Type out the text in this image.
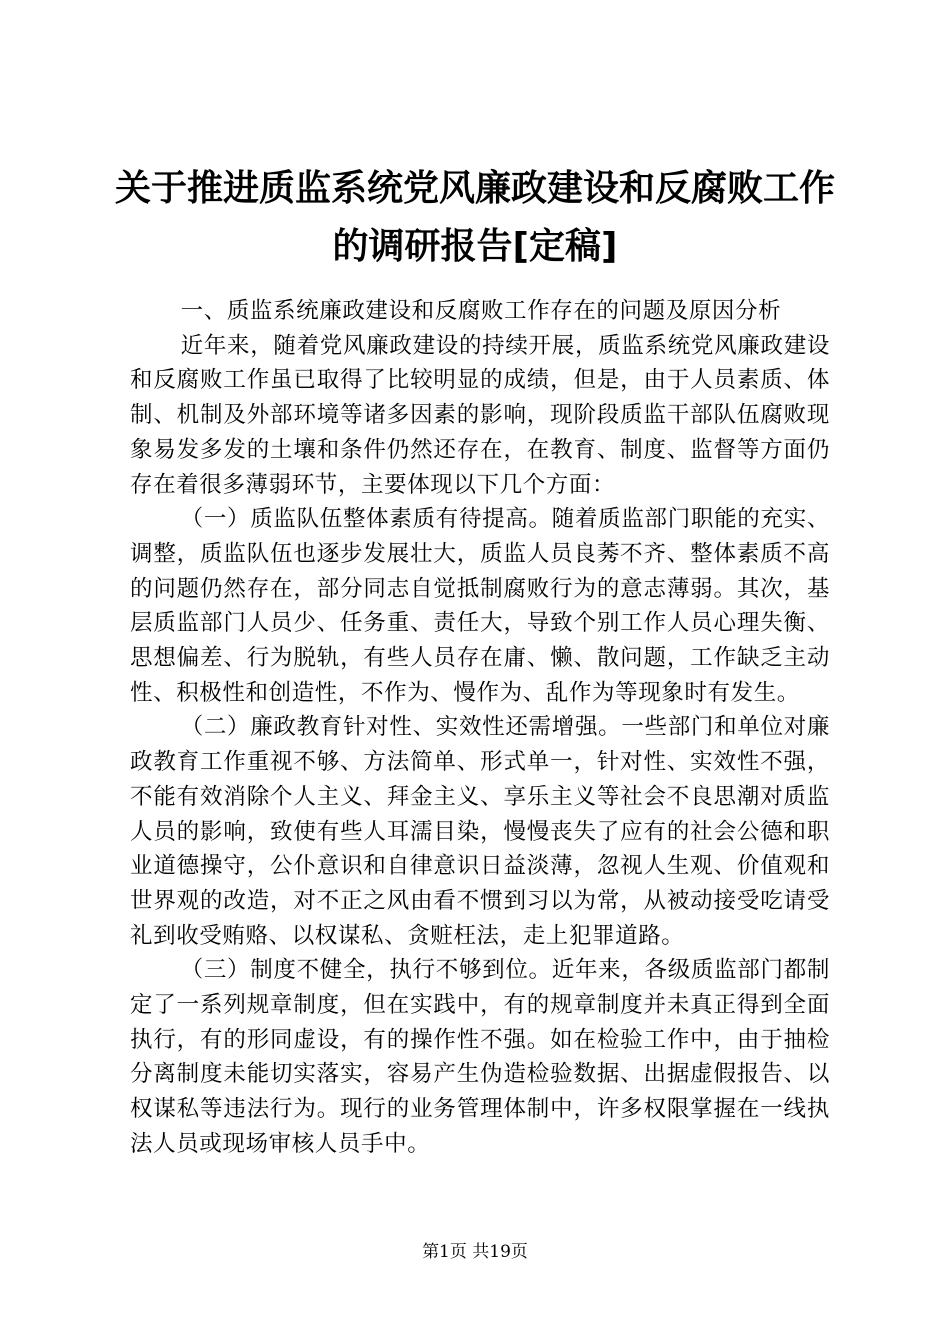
关于推进质监系统党风廉政建设和反腐败工作
的调研报告[定稿]

一、质监系统廉政建设和反腐败工作存在的问题及原因分析

近年来，随着党风廉政建设的持续开展，质监系统党风廉政建设和反腐败工作虽已取得了比较明显的成绩，但是，由于人员素质、体制、机制及外部环境等诸多因素的影响，现阶段质监干部队伍腐败现象易发多发的土壤和条件仍然还存在，在教育、制度、监督等方面仍存在着很多薄弱环节，主要体现以下几个方面：

（一）质监队伍整体素质有待提高。随着质监部门职能的充实、调整，质监队伍也逐步发展壮大，质监人员良莠不齐、整体素质不高的问题仍然存在，部分同志自觉抵制腐败行为的意志薄弱。其次，基层质监部门人员少、任务重、责任大，导致个别工作人员心理失衡、思想偏差、行为脱轨，有些人员存在庸、懒、散问题，工作缺乏主动性、积极性和创造性，不作为、慢作为、乱作为等现象时有发生。

（二）廉政教育针对性、实效性还需增强。一些部门和单位对廉政教育工作重视不够、方法简单、形式单一，针对性、实效性不强，不能有效消除个人主义、拜金主义、享乐主义等社会不良思潮对质监人员的影响，致使有些人耳濡目染，慢慢丧失了应有的社会公德和职业道德操守，公仆意识和自律意识日益淡薄，忽视人生观、价值观和世界观的改造，对不正之风由看不惯到习以为常，从被动接受吃请受礼到收受贿赂、以权谋私、贪赃枉法，走上犯罪道路。

（三）制度不健全，执行不够到位。近年来，各级质监部门都制定了一系列规章制度，但在实践中，有的规章制度并未真正得到全面执行，有的形同虚设，有的操作性不强。如在检验工作中，由于抽检分离制度未能切实落实，容易产生伪造检验数据、出据虚假报告、以权谋私等违法行为。现行的业务管理体制中，许多权限掌握在一线执法人员或现场审核人员手中。

第1页 共19页
